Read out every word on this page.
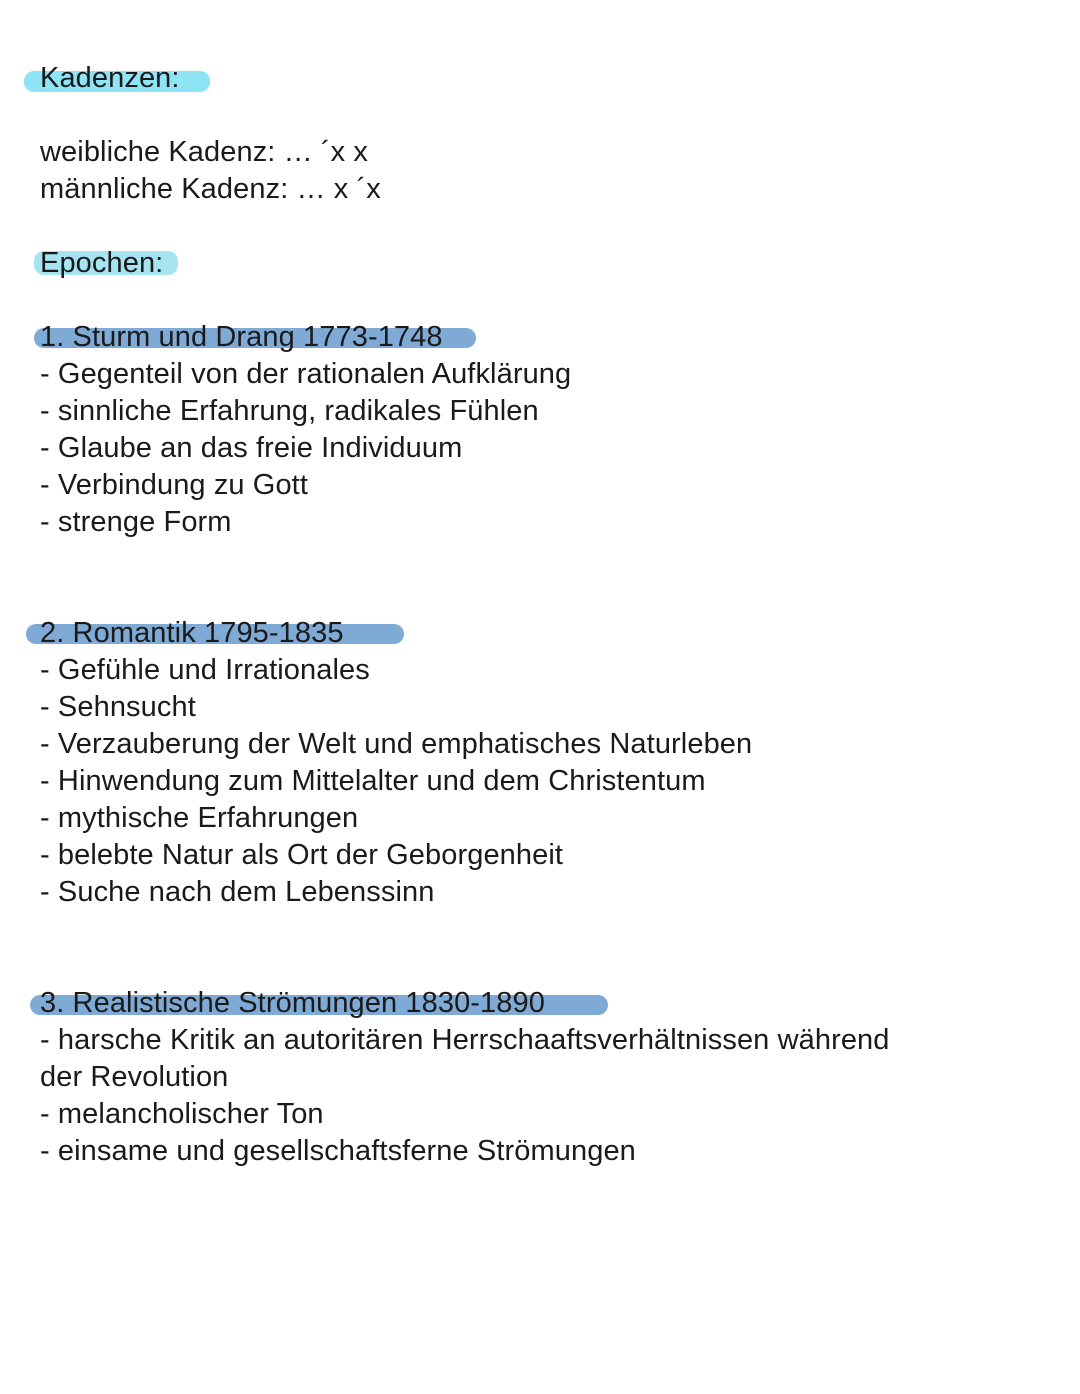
Kadenzen:
weibliche Kadenz: … ´x x
männliche Kadenz: … x ´x
Epochen:
1. Sturm und Drang 1773-1748
- Gegenteil von der rationalen Aufklärung
- sinnliche Erfahrung, radikales Fühlen
- Glaube an das freie Individuum
- Verbindung zu Gott
- strenge Form
2. Romantik 1795-1835
- Gefühle und Irrationales
- Sehnsucht
- Verzauberung der Welt und emphatisches Naturleben
- Hinwendung zum Mittelalter und dem Christentum
- mythische Erfahrungen
- belebte Natur als Ort der Geborgenheit
- Suche nach dem Lebenssinn
3. Realistische Strömungen 1830-1890
- harsche Kritik an autoritären Herrschaaftsverhältnissen während
der Revolution
- melancholischer Ton
- einsame und gesellschaftsferne Strömungen
